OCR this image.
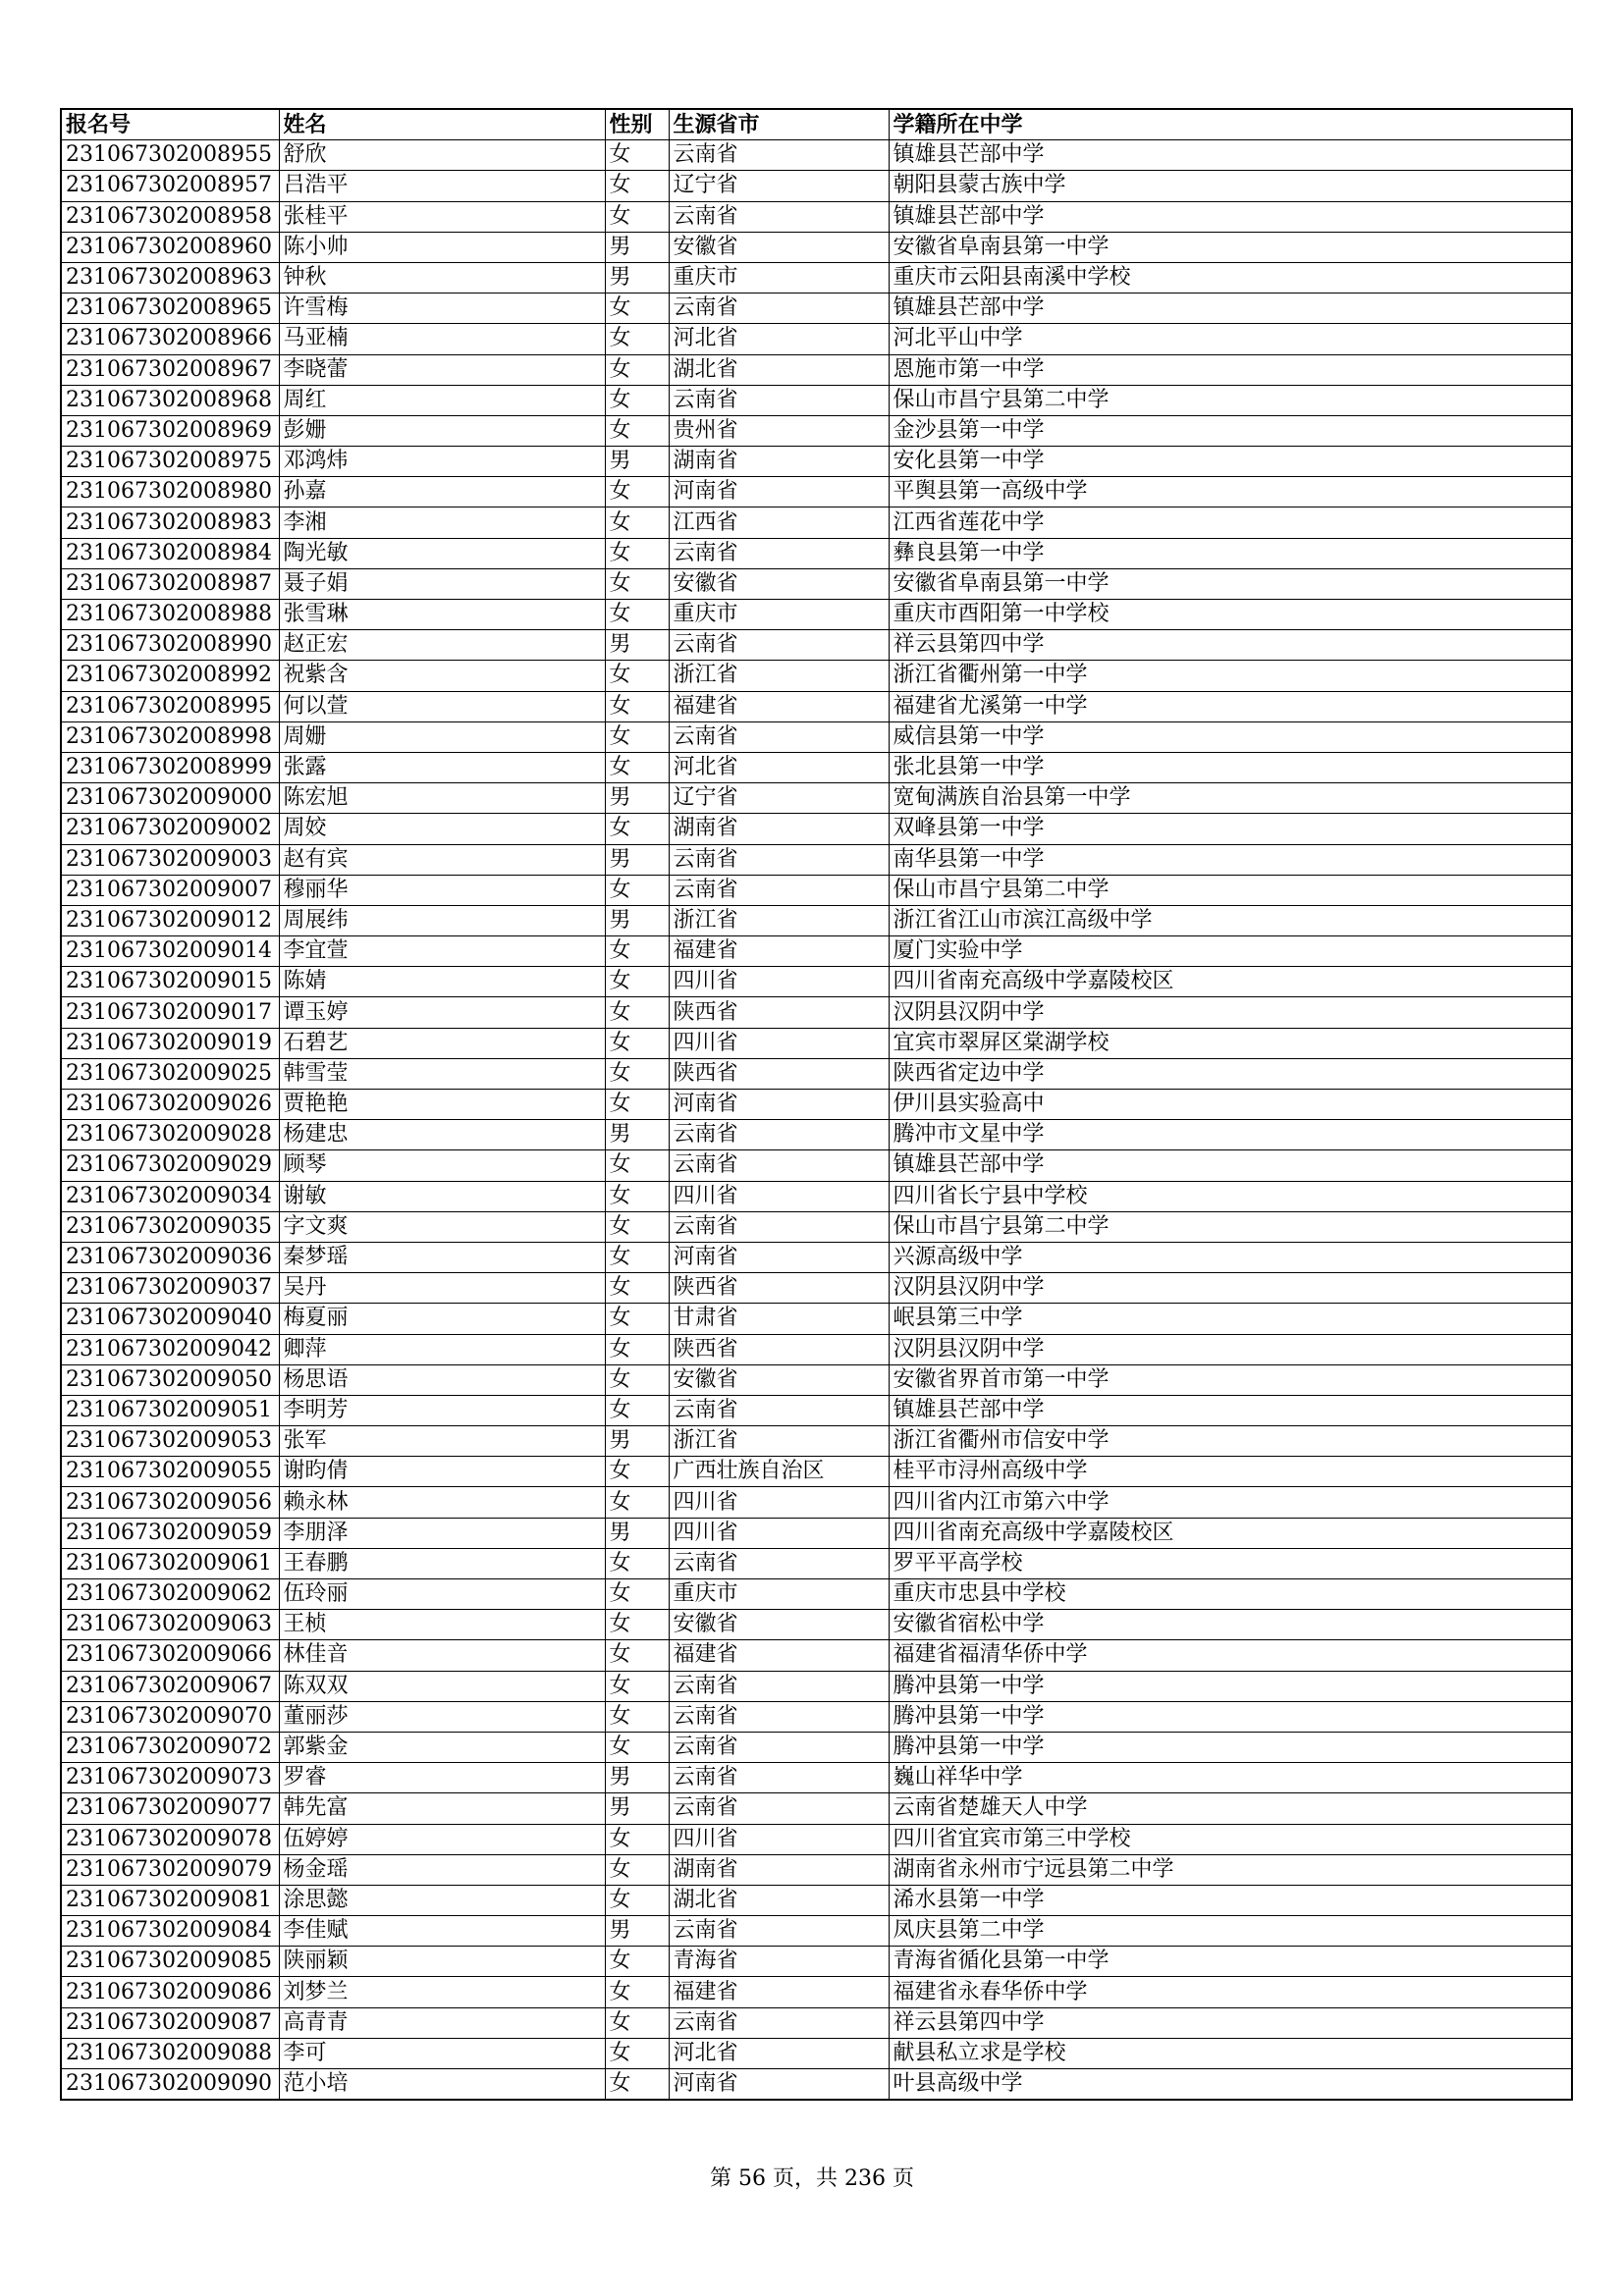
报名号	姓名	性别	生源省市	学籍所在中学
231067302008955	舒欣	女	云南省	镇雄县芒部中学
231067302008957	吕浩平	女	辽宁省	朝阳县蒙古族中学
231067302008958	张桂平	女	云南省	镇雄县芒部中学
231067302008960	陈小帅	男	安徽省	安徽省阜南县第一中学
231067302008963	钟秋	男	重庆市	重庆市云阳县南溪中学校
231067302008965	许雪梅	女	云南省	镇雄县芒部中学
231067302008966	马亚楠	女	河北省	河北平山中学
231067302008967	李晓蕾	女	湖北省	恩施市第一中学
231067302008968	周红	女	云南省	保山市昌宁县第二中学
231067302008969	彭姗	女	贵州省	金沙县第一中学
231067302008975	邓鸿炜	男	湖南省	安化县第一中学
231067302008980	孙嘉	女	河南省	平舆县第一高级中学
231067302008983	李湘	女	江西省	江西省莲花中学
231067302008984	陶光敏	女	云南省	彝良县第一中学
231067302008987	聂子娟	女	安徽省	安徽省阜南县第一中学
231067302008988	张雪琳	女	重庆市	重庆市酉阳第一中学校
231067302008990	赵正宏	男	云南省	祥云县第四中学
231067302008992	祝紫含	女	浙江省	浙江省衢州第一中学
231067302008995	何以萱	女	福建省	福建省尤溪第一中学
231067302008998	周姗	女	云南省	威信县第一中学
231067302008999	张露	女	河北省	张北县第一中学
231067302009000	陈宏旭	男	辽宁省	宽甸满族自治县第一中学
231067302009002	周姣	女	湖南省	双峰县第一中学
231067302009003	赵有宾	男	云南省	南华县第一中学
231067302009007	穆丽华	女	云南省	保山市昌宁县第二中学
231067302009012	周展纬	男	浙江省	浙江省江山市滨江高级中学
231067302009014	李宜萱	女	福建省	厦门实验中学
231067302009015	陈婧	女	四川省	四川省南充高级中学嘉陵校区
231067302009017	谭玉婷	女	陕西省	汉阴县汉阴中学
231067302009019	石碧艺	女	四川省	宜宾市翠屏区棠湖学校
231067302009025	韩雪莹	女	陕西省	陕西省定边中学
231067302009026	贾艳艳	女	河南省	伊川县实验高中
231067302009028	杨建忠	男	云南省	腾冲市文星中学
231067302009029	顾琴	女	云南省	镇雄县芒部中学
231067302009034	谢敏	女	四川省	四川省长宁县中学校
231067302009035	字文爽	女	云南省	保山市昌宁县第二中学
231067302009036	秦梦瑶	女	河南省	兴源高级中学
231067302009037	吴丹	女	陕西省	汉阴县汉阴中学
231067302009040	梅夏丽	女	甘肃省	岷县第三中学
231067302009042	卿萍	女	陕西省	汉阴县汉阴中学
231067302009050	杨思语	女	安徽省	安徽省界首市第一中学
231067302009051	李明芳	女	云南省	镇雄县芒部中学
231067302009053	张军	男	浙江省	浙江省衢州市信安中学
231067302009055	谢昀倩	女	广西壮族自治区	桂平市浔州高级中学
231067302009056	赖永林	女	四川省	四川省内江市第六中学
231067302009059	李朋泽	男	四川省	四川省南充高级中学嘉陵校区
231067302009061	王春鹏	女	云南省	罗平平高学校
231067302009062	伍玲丽	女	重庆市	重庆市忠县中学校
231067302009063	王桢	女	安徽省	安徽省宿松中学
231067302009066	林佳音	女	福建省	福建省福清华侨中学
231067302009067	陈双双	女	云南省	腾冲县第一中学
231067302009070	董丽莎	女	云南省	腾冲县第一中学
231067302009072	郭紫金	女	云南省	腾冲县第一中学
231067302009073	罗睿	男	云南省	巍山祥华中学
231067302009077	韩先富	男	云南省	云南省楚雄天人中学
231067302009078	伍婷婷	女	四川省	四川省宜宾市第三中学校
231067302009079	杨金瑶	女	湖南省	湖南省永州市宁远县第二中学
231067302009081	涂思懿	女	湖北省	浠水县第一中学
231067302009084	李佳赋	男	云南省	凤庆县第二中学
231067302009085	陕丽颖	女	青海省	青海省循化县第一中学
231067302009086	刘梦兰	女	福建省	福建省永春华侨中学
231067302009087	高青青	女	云南省	祥云县第四中学
231067302009088	李可	女	河北省	献县私立求是学校
231067302009090	范小培	女	河南省	叶县高级中学
第 56 页，共 236 页
